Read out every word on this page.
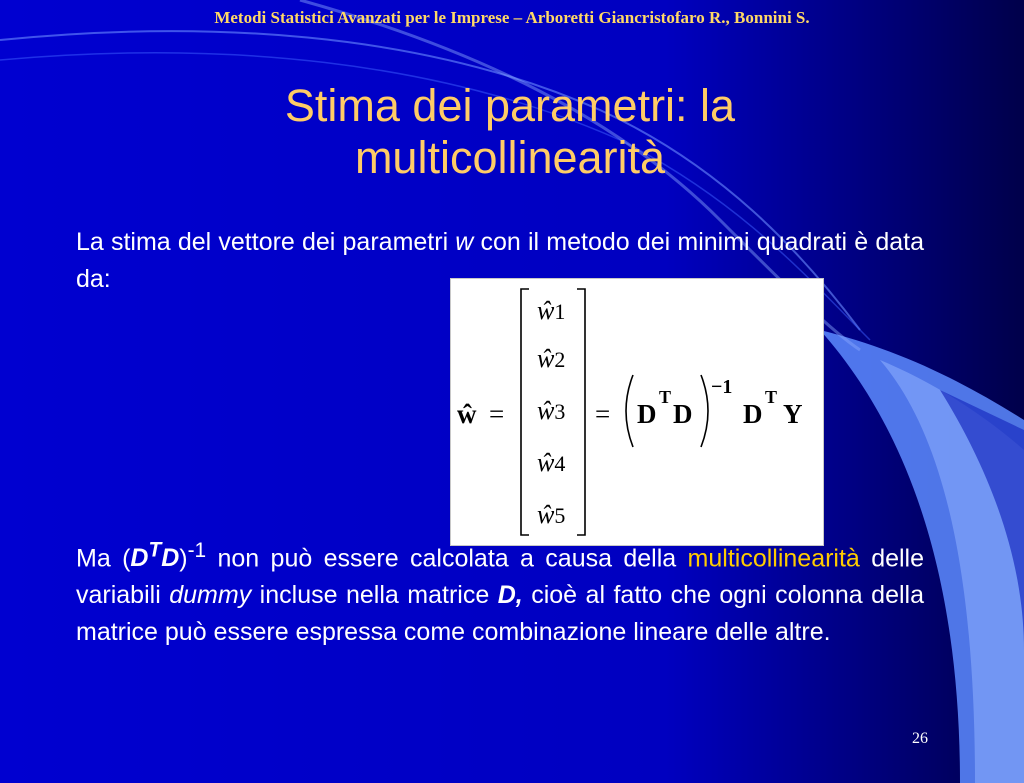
Metodi Statistici Avanzati per le Imprese – Arboretti Giancristofaro R., Bonnini S.
Stima dei parametri: la
multicollinearità
La stima del vettore dei parametri w con il metodo dei minimi quadrati è data da:
ŵ =
ŵ1
ŵ2
ŵ3
ŵ4
ŵ5
= D
T
D
−1
D
T
Y
Ma $(D^TD)^{-1}$ non può essere calcolata a causa della multicollinearità delle variabili dummy incluse nella matrice D, cioè al fatto che ogni colonna della matrice può essere espressa come combinazione lineare delle altre.
26
